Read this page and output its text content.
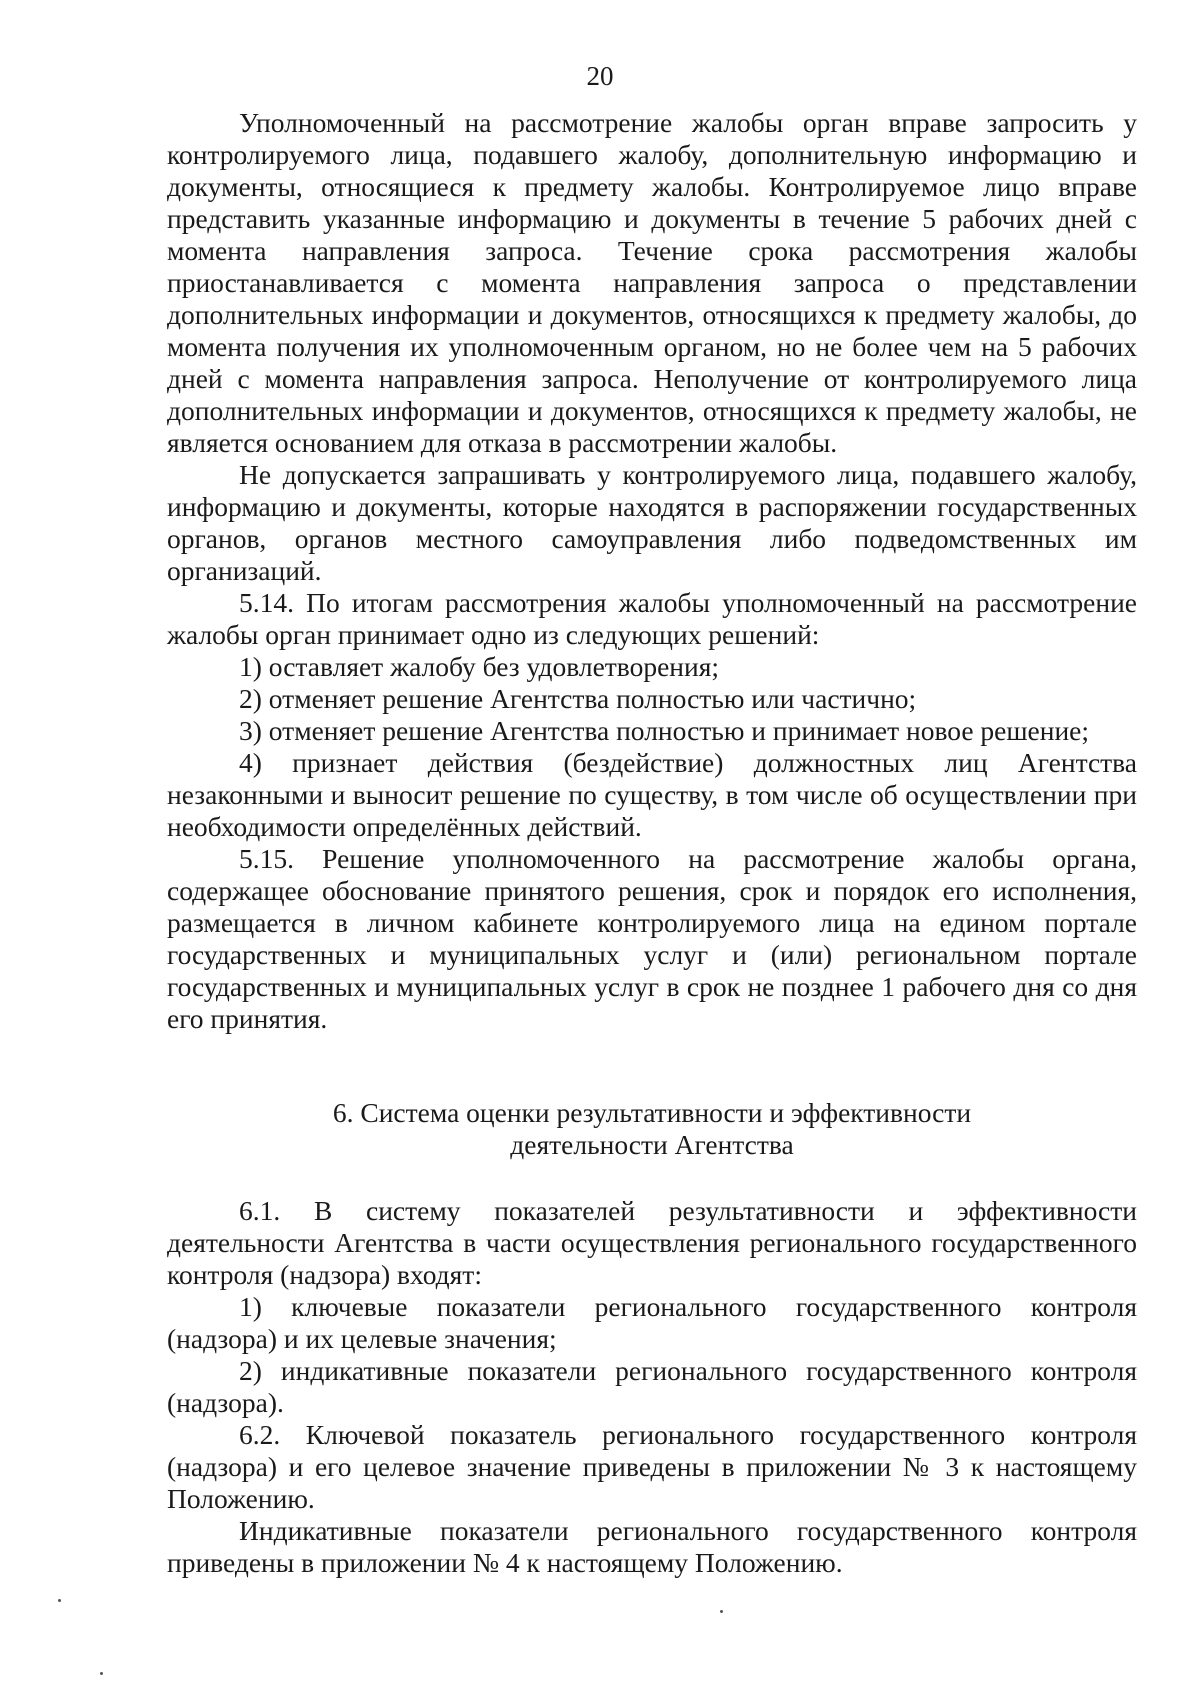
20

Уполномоченный на рассмотрение жалобы орган вправе запросить у контролируемого лица, подавшего жалобу, дополнительную информацию и документы, относящиеся к предмету жалобы. Контролируемое лицо вправе представить указанные информацию и документы в течение 5 рабочих дней с момента направления запроса. Течение срока рассмотрения жалобы приостанавливается с момента направления запроса о представлении дополнительных информации и документов, относящихся к предмету жалобы, до момента получения их уполномоченным органом, но не более чем на 5 рабочих дней с момента направления запроса. Неполучение от контролируемого лица дополнительных информации и документов, относящихся к предмету жалобы, не является основанием для отказа в рассмотрении жалобы.

Не допускается запрашивать у контролируемого лица, подавшего жалобу, информацию и документы, которые находятся в распоряжении государственных органов, органов местного самоуправления либо подведомственных им организаций.

5.14. По итогам рассмотрения жалобы уполномоченный на рассмотрение жалобы орган принимает одно из следующих решений:

1) оставляет жалобу без удовлетворения;

2) отменяет решение Агентства полностью или частично;

3) отменяет решение Агентства полностью и принимает новое решение;

4) признает действия (бездействие) должностных лиц Агентства незаконными и выносит решение по существу, в том числе об осуществлении при необходимости определённых действий.

5.15. Решение уполномоченного на рассмотрение жалобы органа, содержащее обоснование принятого решения, срок и порядок его исполнения, размещается в личном кабинете контролируемого лица на едином портале государственных и муниципальных услуг и (или) региональном портале государственных и муниципальных услуг в срок не позднее 1 рабочего дня со дня его принятия.

6. Система оценки результативности и эффективности
деятельности Агентства

6.1. В систему показателей результативности и эффективности деятельности Агентства в части осуществления регионального государственного контроля (надзора) входят:

1) ключевые показатели регионального государственного контроля (надзора) и их целевые значения;

2) индикативные показатели регионального государственного контроля (надзора).

6.2. Ключевой показатель регионального государственного контроля (надзора) и его целевое значение приведены в приложении № 3 к настоящему Положению.

Индикативные показатели регионального государственного контроля приведены в приложении № 4 к настоящему Положению.
